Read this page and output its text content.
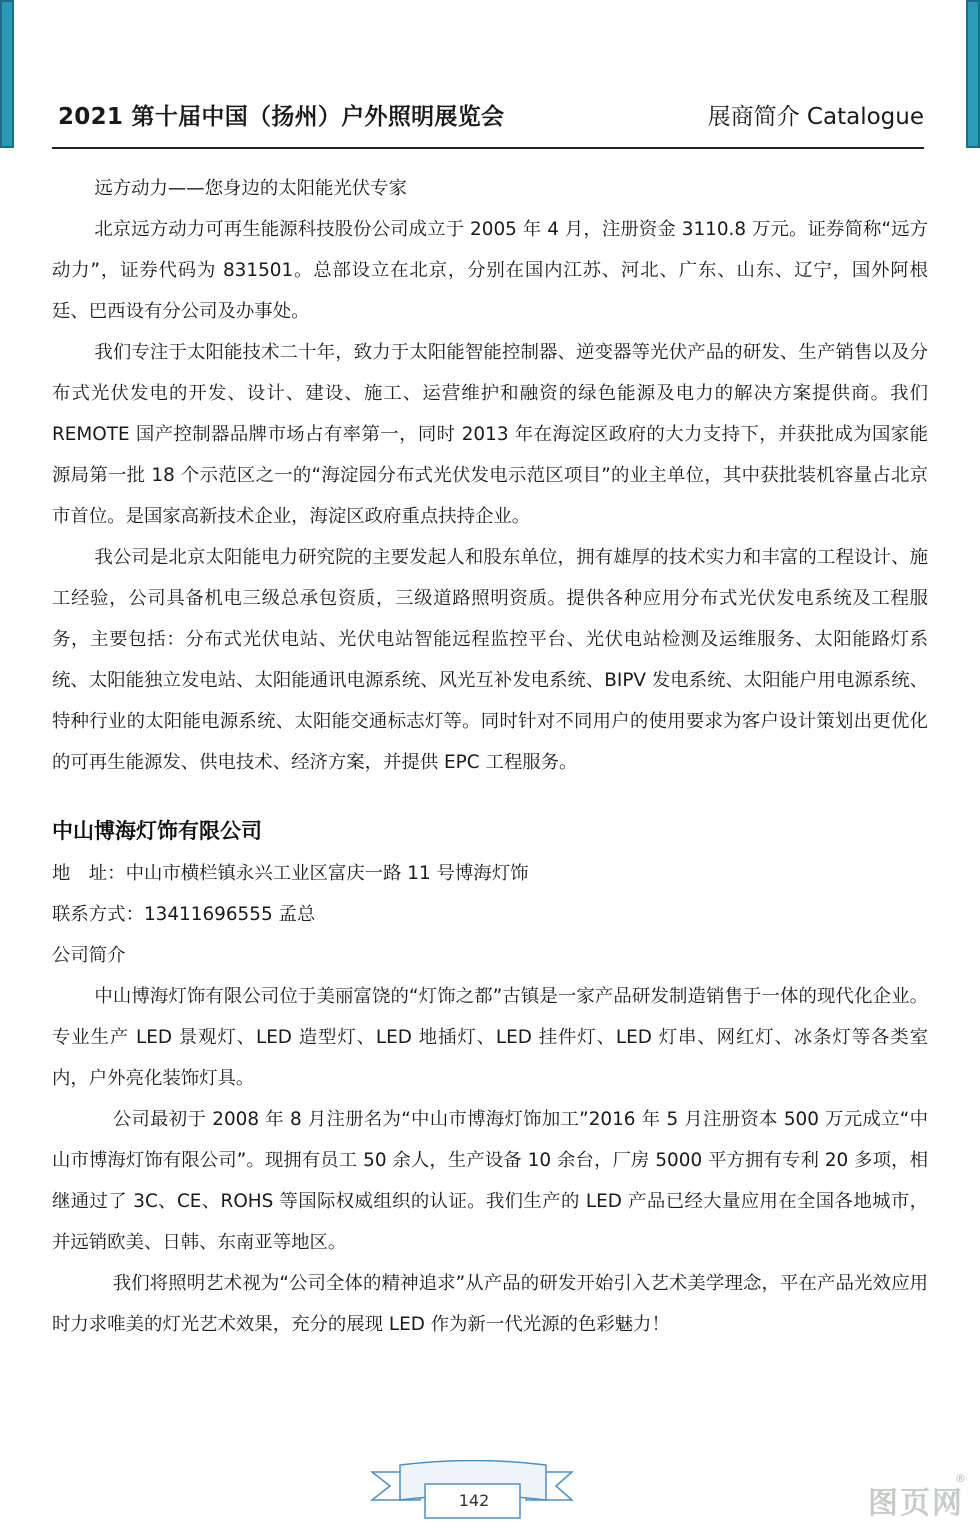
2021 第十届中国（扬州）户外照明展览会	展商简介 Catalogue

远方动力——您身边的太阳能光伏专家

北京远方动力可再生能源科技股份公司成立于 2005 年 4 月，注册资金 3110.8 万元。证券简称“远方动力”，证券代码为 831501。总部设立在北京，分别在国内江苏、河北、广东、山东、辽宁，国外阿根廷、巴西设有分公司及办事处。

我们专注于太阳能技术二十年，致力于太阳能智能控制器、逆变器等光伏产品的研发、生产销售以及分布式光伏发电的开发、设计、建设、施工、运营维护和融资的绿色能源及电力的解决方案提供商。我们 REMOTE 国产控制器品牌市场占有率第一，同时 2013 年在海淀区政府的大力支持下，并获批成为国家能源局第一批 18 个示范区之一的“海淀园分布式光伏发电示范区项目”的业主单位，其中获批装机容量占北京市首位。是国家高新技术企业，海淀区政府重点扶持企业。

我公司是北京太阳能电力研究院的主要发起人和股东单位，拥有雄厚的技术实力和丰富的工程设计、施工经验，公司具备机电三级总承包资质，三级道路照明资质。提供各种应用分布式光伏发电系统及工程服务，主要包括：分布式光伏电站、光伏电站智能远程监控平台、光伏电站检测及运维服务、太阳能路灯系统、太阳能独立发电站、太阳能通讯电源系统、风光互补发电系统、BIPV 发电系统、太阳能户用电源系统、特种行业的太阳能电源系统、太阳能交通标志灯等。同时针对不同用户的使用要求为客户设计策划出更优化的可再生能源发、供电技术、经济方案，并提供 EPC 工程服务。

中山博海灯饰有限公司

地　址：中山市横栏镇永兴工业区富庆一路 11 号博海灯饰

联系方式：13411696555 孟总

公司简介

中山博海灯饰有限公司位于美丽富饶的“灯饰之都”古镇是一家产品研发制造销售于一体的现代化企业。专业生产 LED 景观灯、LED 造型灯、LED 地插灯、LED 挂件灯、LED 灯串、网红灯、冰条灯等各类室内，户外亮化装饰灯具。

公司最初于 2008 年 8 月注册名为“中山市博海灯饰加工”2016 年 5 月注册资本 500 万元成立“中山市博海灯饰有限公司”。现拥有员工 50 余人，生产设备 10 余台，厂房 5000 平方拥有专利 20 多项，相继通过了 3C、CE、ROHS 等国际权威组织的认证。我们生产的 LED 产品已经大量应用在全国各地城市，并远销欧美、日韩、东南亚等地区。

我们将照明艺术视为“公司全体的精神追求”从产品的研发开始引入艺术美学理念，平在产品光效应用时力求唯美的灯光艺术效果，充分的展现 LED 作为新一代光源的色彩魅力！

142	图页网
®
